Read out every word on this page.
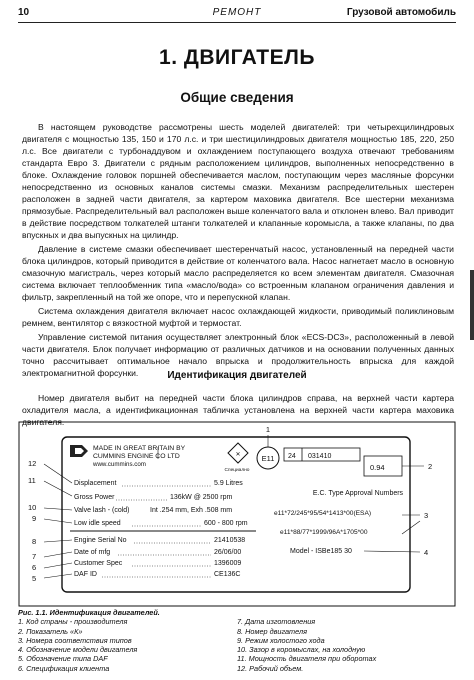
10	РЕМОНТ	Грузовой автомобиль
1. ДВИГАТЕЛЬ
Общие сведения

В настоящем руководстве рассмотрены шесть моделей двигателей: три четырехцилиндровых двигателя с мощностью 135, 150 и 170 л.с. и три шестицилиндровых двигателя мощностью 185, 220, 250 л.с. Все двигатели с турбонаддувом и охлаждением поступающего воздуха отвечают требованиям стандарта Евро 3. Двигатели с рядным расположением цилиндров, выполненных непосредственно в блоке. Охлаждение головок поршней обеспечивается маслом, поступающим через масляные форсунки непосредственно из основных каналов системы смазки. Механизм распределительных шестерен расположен в задней части двигателя, за картером маховика двигателя. Все шестерни механизма прямозубые. Распределительный вал расположен выше коленчатого вала и отклонен влево. Вал приводит в действие посредством толкателей штанги толкателей и клапанные коромысла, а также клапаны, по два впускных и два выпускных на цилиндр.

Давление в системе смазки обеспечивает шестеренчатый насос, установленный на передней части блока цилиндров, который приводится в действие от коленчатого вала. Насос нагнетает масло в основную смазочную магистраль, через который масло распределяется ко всем элементам двигателя. Смазочная система включает теплообменник типа «масло/вода» со встроенным клапаном ограничения давления и фильтр, закрепленный на той же опоре, что и перепускной клапан.

Система охлаждения двигателя включает насос охлаждающей жидкости, приводимый поликлиновым ремнем, вентилятор с вязкостной муфтой и термостат.

Управление системой питания осуществляет электронный блок «ECS-DC3», расположенный в левой части двигателя. Блок получает информацию от различных датчиков и на основании полученных данных точно рассчитывает оптимальное начало впрыска и продолжительность впрыска для каждой электромагнитной форсунки.	Идентификация двигателей

Номер двигателя выбит на передней части блока цилиндров справа, на верхней части картера охладителя масла, а идентификационная табличка установлена на верхней части картера маховика двигателя.

MADE IN GREAT BRITAIN BY
CUMMINS ENGINE CO LTD
www.cummins.com
✕
Cпециално
E11 24 031410
0.94
Displacement	5.9 Litres
Gross Power	136kW @ 2500 rpm
Valve lash - (cold)	Int .254 mm, Exh .508 mm
Low idle speed	600 - 800 rpm
Engine Serial No	21410538
Date of mfg	26/06/00
Customer Spec	1396009
DAF ID	CE136C
E.C. Type Approval Numbers
e11*72/245*95/54*1413*00(ESA)
e11*88/77*1999/96A*1705*00
Model - ISBe185 30
1
2
3
4
5
6
7
8
9
10
11
12
Рис. 1.1. Идентификация двигателей.
1. Код страны - производителя
2. Показатель «К»
3. Номера соответствия типов
4. Обозначение модели двигателя
5. Обозначение типа DAF
6. Спецификация клиента
7. Дата изготовления
8. Номер двигателя
9. Режим холостого хода
10. Зазор в коромыслах, на холодную
11. Мощность двигателя при оборотах
12. Рабочий объем.
